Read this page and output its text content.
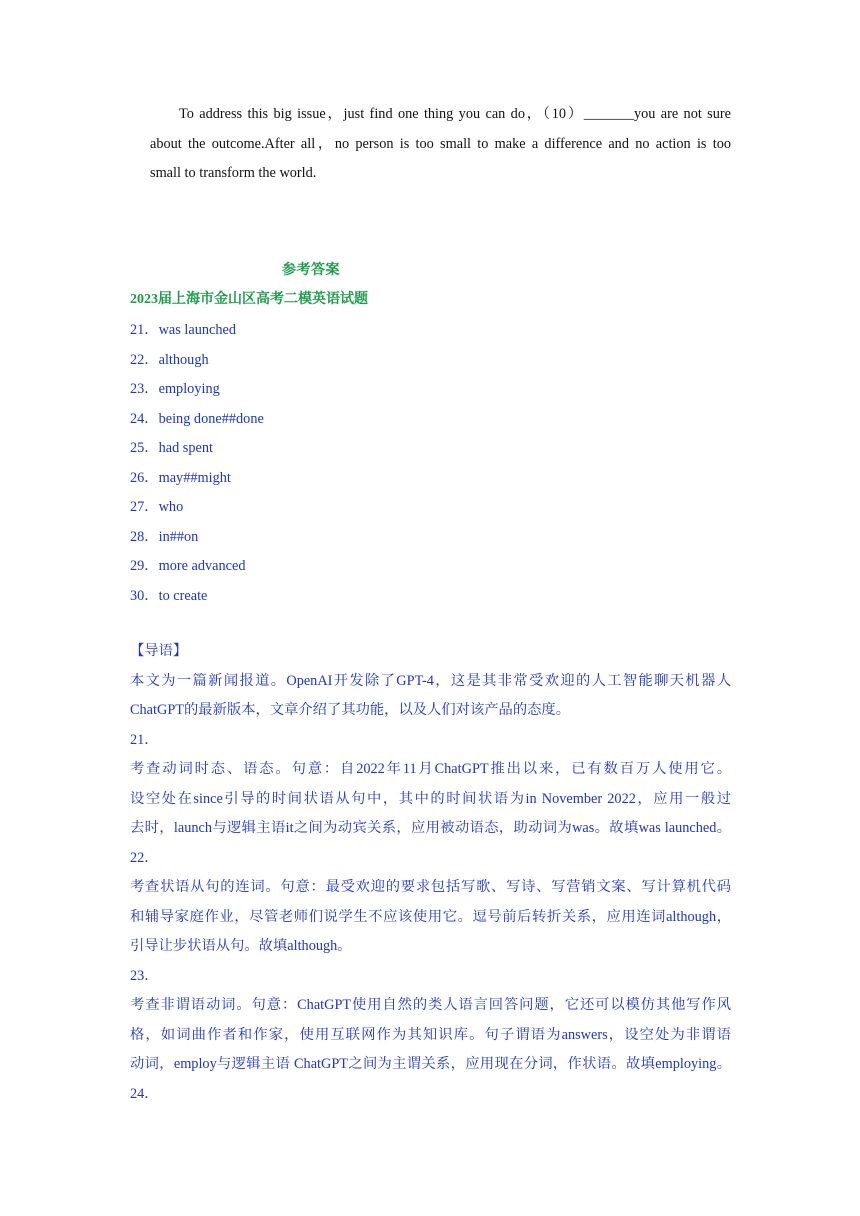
To address this big issue，just find one thing you can do，（10）_______you are not sure
about the outcome.After all，no person is too small to make a difference and no action is too
small to transform the world.
参考答案
2023届上海市金山区高考二模英语试题
21．was launched
22．although
23．employing
24．being done##done
25．had spent
26．may##might
27．who
28．in##on
29．more advanced
30．to create
【导语】
本文为一篇新闻报道。OpenAI开发除了GPT-4，这是其非常受欢迎的人工智能聊天机器人
ChatGPT的最新版本，文章介绍了其功能，以及人们对该产品的态度。
21．
考查动词时态、语态。句意：自2022年11月ChatGPT推出以来，已有数百万人使用它。
设空处在since引导的时间状语从句中，其中的时间状语为in November 2022，应用一般过
去时，launch与逻辑主语it之间为动宾关系，应用被动语态，助动词为was。故填was launched。
22．
考查状语从句的连词。句意：最受欢迎的要求包括写歌、写诗、写营销文案、写计算机代码
和辅导家庭作业，尽管老师们说学生不应该使用它。逗号前后转折关系，应用连词although，
引导让步状语从句。故填although。
23．
考查非谓语动词。句意：ChatGPT使用自然的类人语言回答问题，它还可以模仿其他写作风
格，如词曲作者和作家，使用互联网作为其知识库。句子谓语为answers，设空处为非谓语
动词，employ与逻辑主语 ChatGPT之间为主谓关系，应用现在分词，作状语。故填employing。
24．
